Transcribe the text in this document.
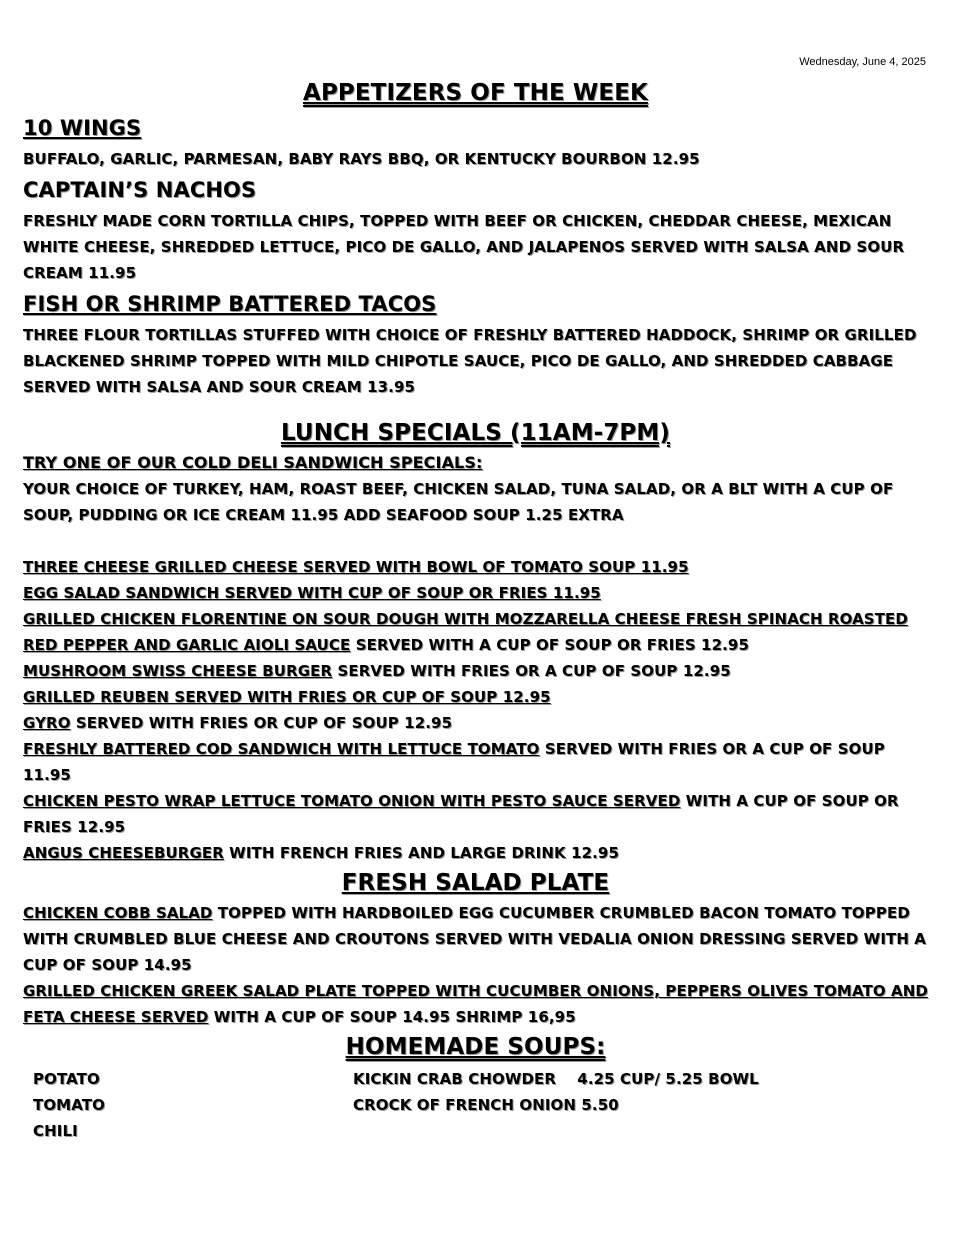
Wednesday, June 4, 2025
APPETIZERS OF THE WEEK
10 WINGS
BUFFALO, GARLIC, PARMESAN, BABY RAYS BBQ, OR KENTUCKY BOURBON 12.95
CAPTAIN’S NACHOS
FRESHLY MADE CORN TORTILLA CHIPS, TOPPED WITH BEEF OR CHICKEN, CHEDDAR CHEESE, MEXICAN WHITE CHEESE, SHREDDED LETTUCE, PICO DE GALLO, AND JALAPENOS SERVED WITH SALSA AND SOUR CREAM 11.95
FISH OR SHRIMP BATTERED TACOS
THREE FLOUR TORTILLAS STUFFED WITH CHOICE OF FRESHLY BATTERED HADDOCK, SHRIMP OR GRILLED BLACKENED SHRIMP TOPPED WITH MILD CHIPOTLE SAUCE, PICO DE GALLO, AND SHREDDED CABBAGE SERVED WITH SALSA AND SOUR CREAM 13.95
LUNCH SPECIALS (11AM-7PM)
TRY ONE OF OUR COLD DELI SANDWICH SPECIALS:
YOUR CHOICE OF TURKEY, HAM, ROAST BEEF, CHICKEN SALAD, TUNA SALAD, OR A BLT WITH A CUP OF SOUP, PUDDING OR ICE CREAM 11.95 ADD SEAFOOD SOUP 1.25 EXTRA
THREE CHEESE GRILLED CHEESE SERVED WITH BOWL OF TOMATO SOUP 11.95
EGG SALAD SANDWICH SERVED WITH CUP OF SOUP OR FRIES 11.95
GRILLED CHICKEN FLORENTINE ON SOUR DOUGH WITH MOZZARELLA CHEESE FRESH SPINACH ROASTED RED PEPPER AND GARLIC AIOLI SAUCE SERVED WITH A CUP OF SOUP OR FRIES 12.95
MUSHROOM SWISS CHEESE BURGER SERVED WITH FRIES OR A CUP OF SOUP 12.95
GRILLED REUBEN SERVED WITH FRIES OR CUP OF SOUP 12.95
GYRO SERVED WITH FRIES OR CUP OF SOUP 12.95
FRESHLY BATTERED COD SANDWICH WITH LETTUCE TOMATO SERVED WITH FRIES OR A CUP OF SOUP 11.95
CHICKEN PESTO WRAP LETTUCE TOMATO ONION WITH PESTO SAUCE SERVED WITH A CUP OF SOUP OR FRIES 12.95
ANGUS CHEESEBURGER WITH FRENCH FRIES AND LARGE DRINK 12.95
FRESH SALAD PLATE
CHICKEN COBB SALAD TOPPED WITH HARDBOILED EGG CUCUMBER CRUMBLED BACON TOMATO TOPPED WITH CRUMBLED BLUE CHEESE AND CROUTONS SERVED WITH VEDALIA ONION DRESSING SERVED WITH A CUP OF SOUP 14.95
GRILLED CHICKEN GREEK SALAD PLATE TOPPED WITH CUCUMBER ONIONS, PEPPERS OLIVES TOMATO AND FETA CHEESE SERVED WITH A CUP OF SOUP 14.95 SHRIMP 16,95
HOMEMADE SOUPS:
POTATO
TOMATO
CHILI
KICKIN CRAB CHOWDER    4.25 CUP/ 5.25 BOWL
CROCK OF FRENCH ONION 5.50
